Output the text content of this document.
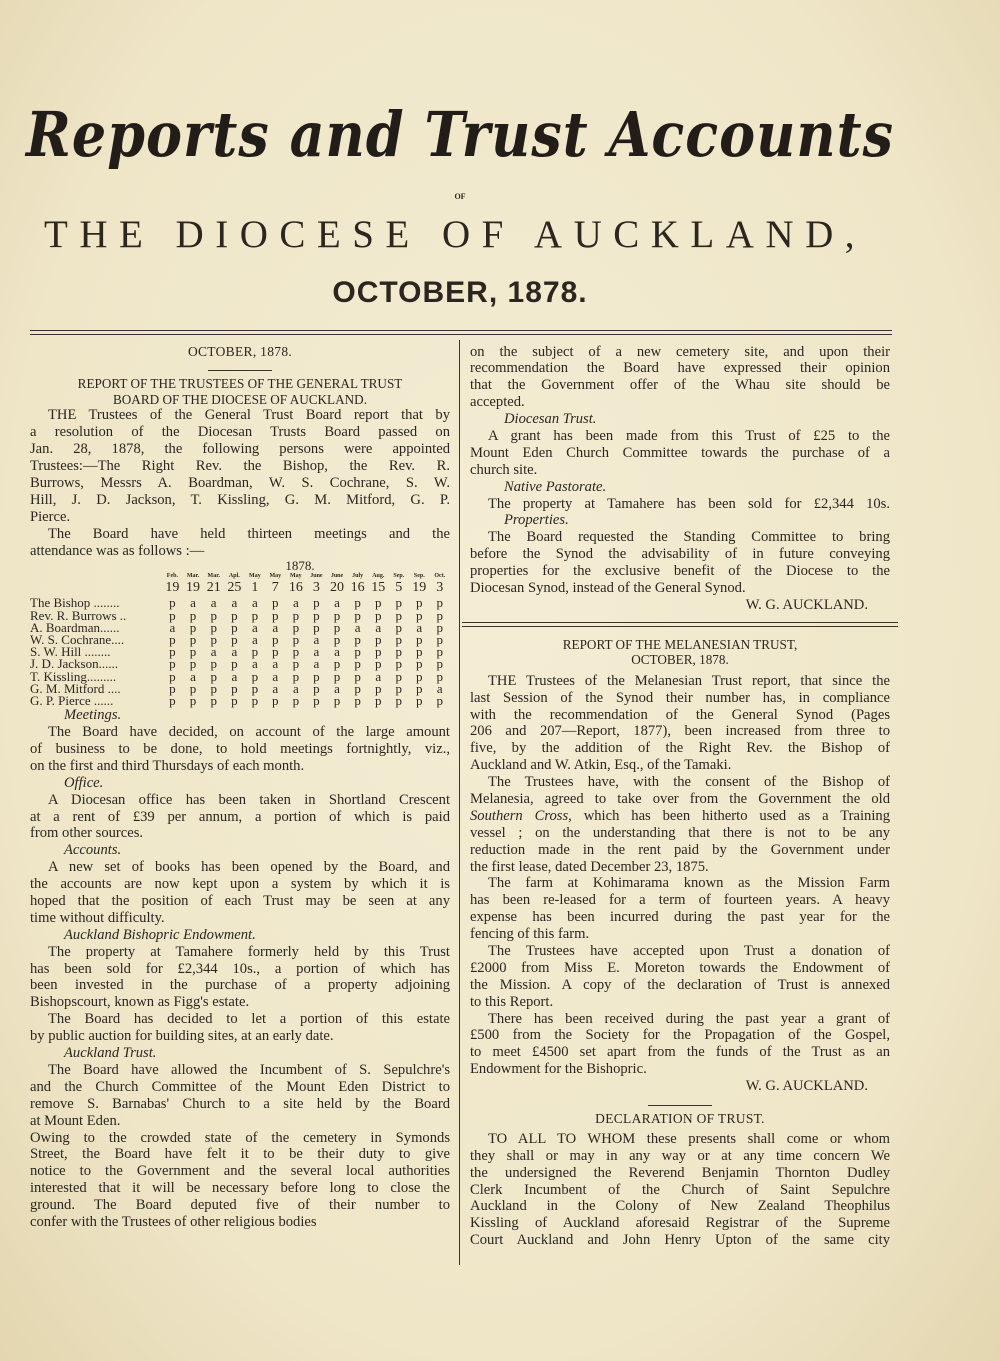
Reports and Trust Accounts
OF
THE DIOCESE OF AUCKLAND,
OCTOBER, 1878.
OCTOBER, 1878.
REPORT OF THE TRUSTEES OF THE GENERAL TRUST
BOARD OF THE DIOCESE OF AUCKLAND.
THE Trustees of the General Trust Board report that by
a resolution of the Diocesan Trusts Board passed on
Jan. 28, 1878, the following persons were appointed
Trustees:—The Right Rev. the Bishop, the Rev. R.
Burrows, Messrs A. Boardman, W. S. Cochrane, S. W.
Hill, J. D. Jackson, T. Kissling, G. M. Mitford, G. P.
Pierce.
The Board have held thirteen meetings and the
attendance was as follows :—
1878.
	Feb.	Mar.	Mar.	Apl.	May	May	May	June	June	July	Aug.	Sep.	Sep.	Oct.
	19	19	21	25	1	7	16	3	20	16	15	5	19	3
The Bishop ........	p	a	a	a	a	p	a	p	a	p	p	p	p	p
Rev. R. Burrows ..	p	p	p	p	p	p	p	p	p	p	p	p	p	p
A. Boardman......	a	p	p	p	a	a	p	p	p	a	a	p	a	p
W. S. Cochrane....	p	p	p	p	a	p	p	a	p	p	p	p	p	p
S. W. Hill ........	p	p	a	a	p	p	p	a	a	p	p	p	p	p
J. D. Jackson......	p	p	p	p	a	a	p	a	p	p	p	p	p	p
T. Kissling.........	p	a	p	a	p	a	p	p	p	p	a	p	p	p
G. M. Mitford ....	p	p	p	p	p	a	a	p	a	p	p	p	p	a
G. P. Pierce ......	p	p	p	p	p	p	p	p	p	p	p	p	p	p
Meetings.
The Board have decided, on account of the large amount
of business to be done, to hold meetings fortnightly, viz.,
on the first and third Thursdays of each month.
Office.
A Diocesan office has been taken in Shortland Crescent
at a rent of £39 per annum, a portion of which is paid
from other sources.
Accounts.
A new set of books has been opened by the Board, and
the accounts are now kept upon a system by which it is
hoped that the position of each Trust may be seen at any
time without difficulty.
Auckland Bishopric Endowment.
The property at Tamahere formerly held by this Trust
has been sold for £2,344 10s., a portion of which has
been invested in the purchase of a property adjoining
Bishopscourt, known as Figg's estate.
The Board has decided to let a portion of this estate
by public auction for building sites, at an early date.
Auckland Trust.
The Board have allowed the Incumbent of S. Sepulchre's
and the Church Committee of the Mount Eden District to
remove S. Barnabas' Church to a site held by the Board
at Mount Eden.
Owing to the crowded state of the cemetery in Symonds
Street, the Board have felt it to be their duty to give
notice to the Government and the several local authorities
interested that it will be necessary before long to close the
ground. The Board deputed five of their number to
confer with the Trustees of other religious bodies
on the subject of a new cemetery site, and upon their
recommendation the Board have expressed their opinion
that the Government offer of the Whau site should be
accepted.
Diocesan Trust.
A grant has been made from this Trust of £25 to the
Mount Eden Church Committee towards the purchase of a
church site.
Native Pastorate.
The property at Tamahere has been sold for £2,344 10s.
Properties.
The Board requested the Standing Committee to bring
before the Synod the advisability of in future conveying
properties for the exclusive benefit of the Diocese to the
Diocesan Synod, instead of the General Synod.
W. G. AUCKLAND.
REPORT OF THE MELANESIAN TRUST,
OCTOBER, 1878.
THE Trustees of the Melanesian Trust report, that since the
last Session of the Synod their number has, in compliance
with the recommendation of the General Synod (Pages
206 and 207—Report, 1877), been increased from three to
five, by the addition of the Right Rev. the Bishop of
Auckland and W. Atkin, Esq., of the Tamaki.
The Trustees have, with the consent of the Bishop of
Melanesia, agreed to take over from the Government the old
Southern Cross, which has been hitherto used as a Training
vessel ; on the understanding that there is not to be any
reduction made in the rent paid by the Government under
the first lease, dated December 23, 1875.
The farm at Kohimarama known as the Mission Farm
has been re-leased for a term of fourteen years. A heavy
expense has been incurred during the past year for the
fencing of this farm.
The Trustees have accepted upon Trust a donation of
£2000 from Miss E. Moreton towards the Endowment of
the Mission. A copy of the declaration of Trust is annexed
to this Report.
There has been received during the past year a grant of
£500 from the Society for the Propagation of the Gospel,
to meet £4500 set apart from the funds of the Trust as an
Endowment for the Bishopric.
W. G. AUCKLAND.
DECLARATION OF TRUST.
TO ALL TO WHOM these presents shall come or whom
they shall or may in any way or at any time concern We
the undersigned the Reverend Benjamin Thornton Dudley
Clerk Incumbent of the Church of Saint Sepulchre
Auckland in the Colony of New Zealand Theophilus
Kissling of Auckland aforesaid Registrar of the Supreme
Court Auckland and John Henry Upton of the same city
